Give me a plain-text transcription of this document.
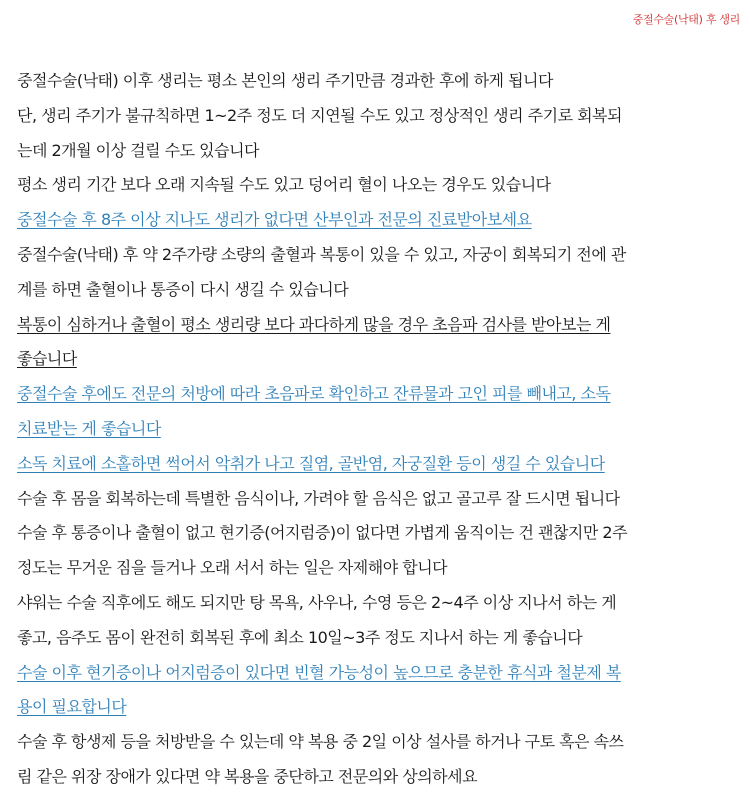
중절수술(낙태) 후 생리
중절수술(낙태) 이후 생리는 평소 본인의 생리 주기만큼 경과한 후에 하게 됩니다
단, 생리 주기가 불규칙하면 1~2주 정도 더 지연될 수도 있고 정상적인 생리 주기로 회복되
는데 2개월 이상 걸릴 수도 있습니다
평소 생리 기간 보다 오래 지속될 수도 있고 덩어리 혈이 나오는 경우도 있습니다
중절수술 후 8주 이상 지나도 생리가 없다면 산부인과 전문의 진료받아보세요
중절수술(낙태) 후 약 2주가량 소량의 출혈과 복통이 있을 수 있고, 자궁이 회복되기 전에 관
계를 하면 출혈이나 통증이 다시 생길 수 있습니다
복통이 심하거나 출혈이 평소 생리량 보다 과다하게 많을 경우 초음파 검사를 받아보는 게
좋습니다
중절수술 후에도 전문의 처방에 따라 초음파로 확인하고 잔류물과 고인 피를 빼내고, 소독
치료받는 게 좋습니다
소독 치료에 소홀하면 썩어서 악취가 나고 질염, 골반염, 자궁질환 등이 생길 수 있습니다
수술 후 몸을 회복하는데 특별한 음식이나, 가려야 할 음식은 없고 골고루 잘 드시면 됩니다
수술 후 통증이나 출혈이 없고 현기증(어지럼증)이 없다면 가볍게 움직이는 건 괜찮지만 2주
정도는 무거운 짐을 들거나 오래 서서 하는 일은 자제해야 합니다
샤워는 수술 직후에도 해도 되지만 탕 목욕, 사우나, 수영 등은 2~4주 이상 지나서 하는 게
좋고, 음주도 몸이 완전히 회복된 후에 최소 10일~3주 정도 지나서 하는 게 좋습니다
수술 이후 현기증이나 어지럼증이 있다면 빈혈 가능성이 높으므로 충분한 휴식과 철분제 복
용이 필요합니다
수술 후 항생제 등을 처방받을 수 있는데 약 복용 중 2일 이상 설사를 하거나 구토 혹은 속쓰
림 같은 위장 장애가 있다면 약 복용을 중단하고 전문의와 상의하세요
